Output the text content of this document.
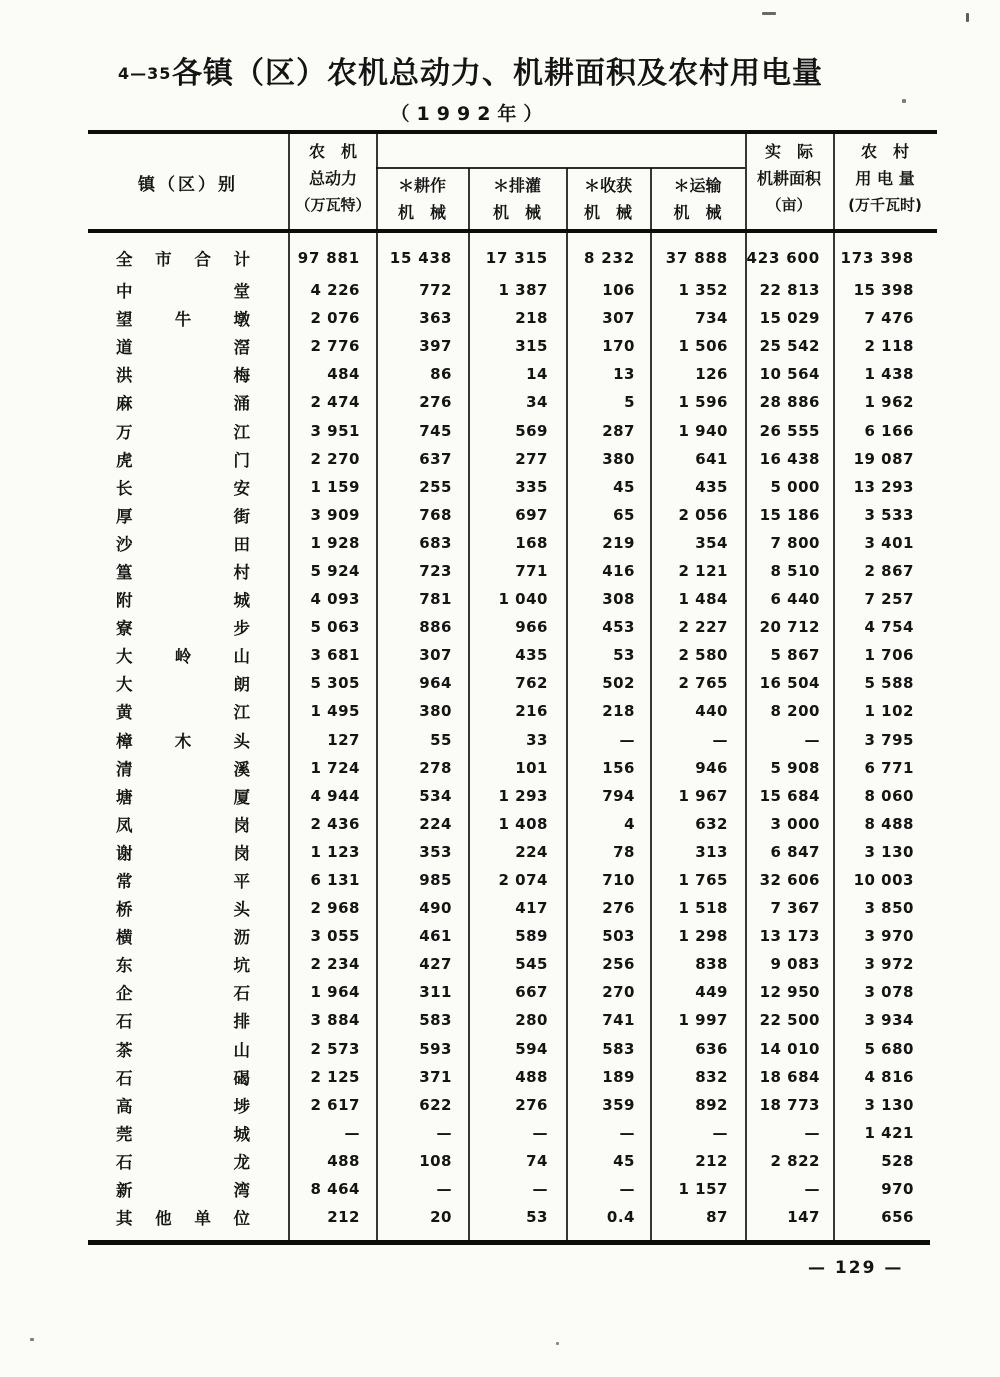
4—35 各镇（区）农机总动力、机耕面积及农村用电量
（1992年）
镇（区）别
农　机
总动力
（万瓦特）
＊耕作
机　械
＊排灌
机　械
＊收获
机　械
＊运输
机　械
实　际
机耕面积
（亩）
农　村
用 电 量
(万千瓦时)
全 市 合 计	97 881	15 438	17 315	8 232	37 888	423 600	173 398
中	堂	4 226	772	1 387	106	1 352	22 813	15 398
望	牛	墩	2 076	363	218	307	734	15 029	7 476
道	滘	2 776	397	315	170	1 506	25 542	2 118
洪	梅	484	86	14	13	126	10 564	1 438
麻	涌	2 474	276	34	5	1 596	28 886	1 962
万	江	3 951	745	569	287	1 940	26 555	6 166
虎	门	2 270	637	277	380	641	16 438	19 087
长	安	1 159	255	335	45	435	5 000	13 293
厚	街	3 909	768	697	65	2 056	15 186	3 533
沙	田	1 928	683	168	219	354	7 800	3 401
篁	村	5 924	723	771	416	2 121	8 510	2 867
附	城	4 093	781	1 040	308	1 484	6 440	7 257
寮	步	5 063	886	966	453	2 227	20 712	4 754
大	岭	山	3 681	307	435	53	2 580	5 867	1 706
大	朗	5 305	964	762	502	2 765	16 504	5 588
黄	江	1 495	380	216	218	440	8 200	1 102
樟	木	头	127	55	33	—	—	—	3 795
清	溪	1 724	278	101	156	946	5 908	6 771
塘	厦	4 944	534	1 293	794	1 967	15 684	8 060
凤	岗	2 436	224	1 408	4	632	3 000	8 488
谢	岗	1 123	353	224	78	313	6 847	3 130
常	平	6 131	985	2 074	710	1 765	32 606	10 003
桥	头	2 968	490	417	276	1 518	7 367	3 850
横	沥	3 055	461	589	503	1 298	13 173	3 970
东	坑	2 234	427	545	256	838	9 083	3 972
企	石	1 964	311	667	270	449	12 950	3 078
石	排	3 884	583	280	741	1 997	22 500	3 934
茶	山	2 573	593	594	583	636	14 010	5 680
石	碣	2 125	371	488	189	832	18 684	4 816
高	埗	2 617	622	276	359	892	18 773	3 130
莞	城	—	—	—	—	—	—	1 421
石	龙	488	108	74	45	212	2 822	528
新	湾	8 464	—	—	—	1 157	—	970
其 他 单 位	212	20	53	0.4	87	147	656
— 129 —
